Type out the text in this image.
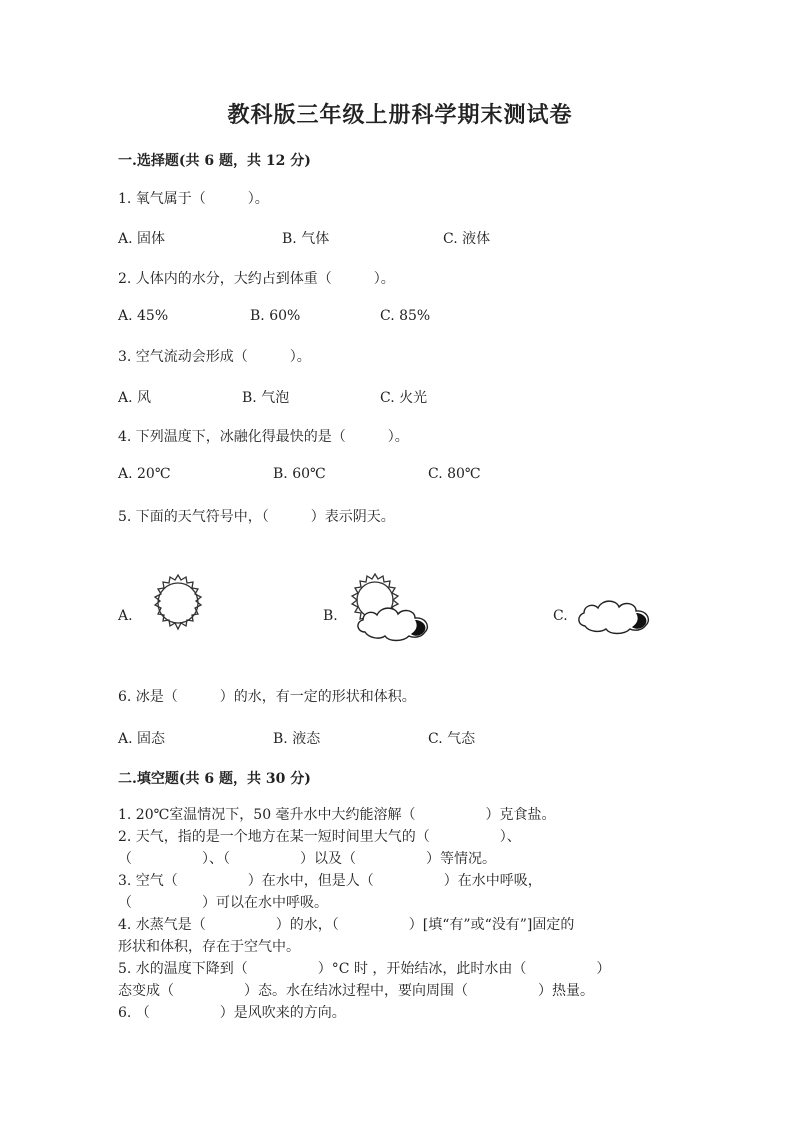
教科版三年级上册科学期末测试卷
一.选择题(共 6 题，共 12 分)
1. 氧气属于（　　　）。
A. 固体	B. 气体	C. 液体
2. 人体内的水分，大约占到体重（　　　）。
A. 45%	B. 60%	C. 85%
3. 空气流动会形成（　　　）。
A. 风	B. 气泡	C. 火光
4. 下列温度下，冰融化得最快的是（　　　）。
A. 20℃	B. 60℃	C. 80℃
5. 下面的天气符号中，（　　　）表示阴天。
A.	B.	C.
6. 冰是（　　　）的水，有一定的形状和体积。
A. 固态	B. 液态	C. 气态
二.填空题(共 6 题，共 30 分)
1. 20℃室温情况下，50 毫升水中大约能溶解（　　　　　）克食盐。
2. 天气，指的是一个地方在某一短时间里大气的（　　　　　）、
（　　　　　）、（　　　　　）以及（　　　　　）等情况。
3. 空气（　　　　　）在水中，但是人（　　　　　）在水中呼吸，
（　　　　　）可以在水中呼吸。
4. 水蒸气是（　　　　　）的水，（　　　　　）[填“有”或“没有”]固定的
形状和体积，存在于空气中。
5. 水的温度下降到（　　　　　）°C 时 ，开始结冰，此时水由（　　　　　）
态变成（　　　　　）态。水在结冰过程中，要向周围（　　　　　）热量。
6. （　　　　　）是风吹来的方向。
